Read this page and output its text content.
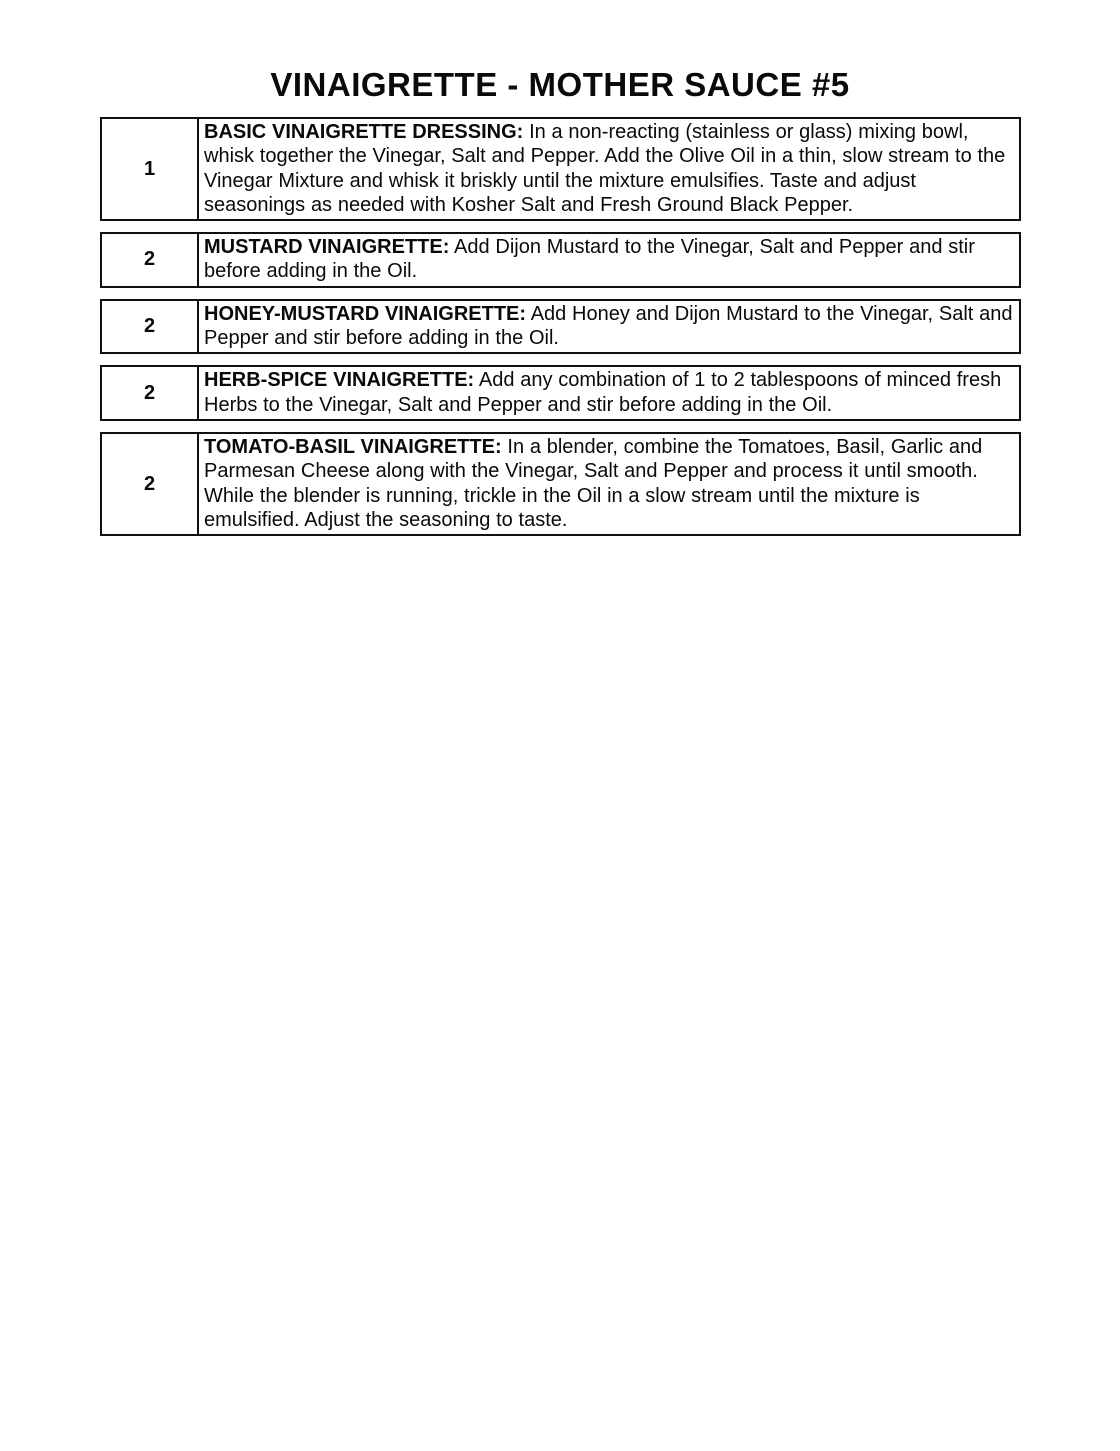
VINAIGRETTE - MOTHER SAUCE #5
1
BASIC VINAIGRETTE DRESSING: In a non-reacting (stainless or glass) mixing bowl, whisk together the Vinegar, Salt and Pepper. Add the Olive Oil in a thin, slow stream to the Vinegar Mixture and whisk it briskly until the mixture emulsifies. Taste and adjust seasonings as needed with Kosher Salt and Fresh Ground Black Pepper.
2
MUSTARD VINAIGRETTE: Add Dijon Mustard to the Vinegar, Salt and Pepper and stir before adding in the Oil.
2
HONEY-MUSTARD VINAIGRETTE: Add Honey and Dijon Mustard to the Vinegar, Salt and Pepper and stir before adding in the Oil.
2
HERB-SPICE VINAIGRETTE: Add any combination of 1 to 2 tablespoons of minced fresh Herbs to the Vinegar, Salt and Pepper and stir before adding in the Oil.
2
TOMATO-BASIL VINAIGRETTE: In a blender, combine the Tomatoes, Basil, Garlic and Parmesan Cheese along with the Vinegar, Salt and Pepper and process it until smooth. While the blender is running, trickle in the Oil in a slow stream until the mixture is emulsified. Adjust the seasoning to taste.
